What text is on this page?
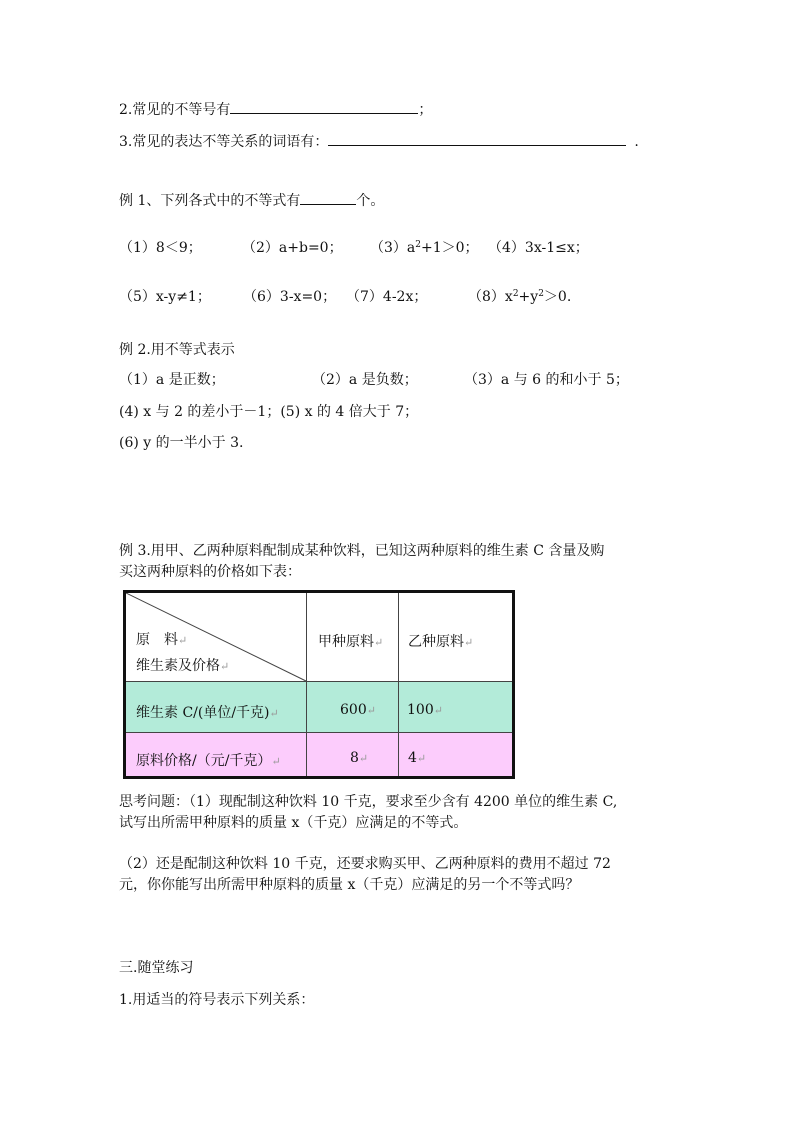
2.常见的不等号有	；
3.常见的表达不等关系的词语有：	.
例 1、下列各式中的不等式有	个。
（1）8＜9；	（2）a+b=0； $(3)a^2+1>0$； （4）3x-1≤x；
（5）x-y≠1； （6）3-x=0； （7）4-2x；	$(8)x^2+y^2>0$.
例 2.用不等式表示
（1）a 是正数；	（2）a 是负数；	（3）a 与 6 的和小于 5；
(4) x 与 2 的差小于－1；(5) x 的 4 倍大于 7；
(6) y 的一半小于 3.
例 3.用甲、乙两种原料配制成某种饮料，已知这两种原料的维生素 C 含量及购
买这两种原料的价格如下表：
原　料↵
维生素及价格↵
甲种原料↵ 乙种原料↵
维生素 C/(单位/千克)↵	600↵ 100↵
原料价格/（元/千克）↵	8↵	4↵
思考问题：（1）现配制这种饮料 10 千克，要求至少含有 4200 单位的维生素 C,
试写出所需甲种原料的质量 x（千克）应满足的不等式。
（2）还是配制这种饮料 10 千克，还要求购买甲、乙两种原料的费用不超过 72
元，你你能写出所需甲种原料的质量 x（千克）应满足的另一个不等式吗？
三.随堂练习
1.用适当的符号表示下列关系：
